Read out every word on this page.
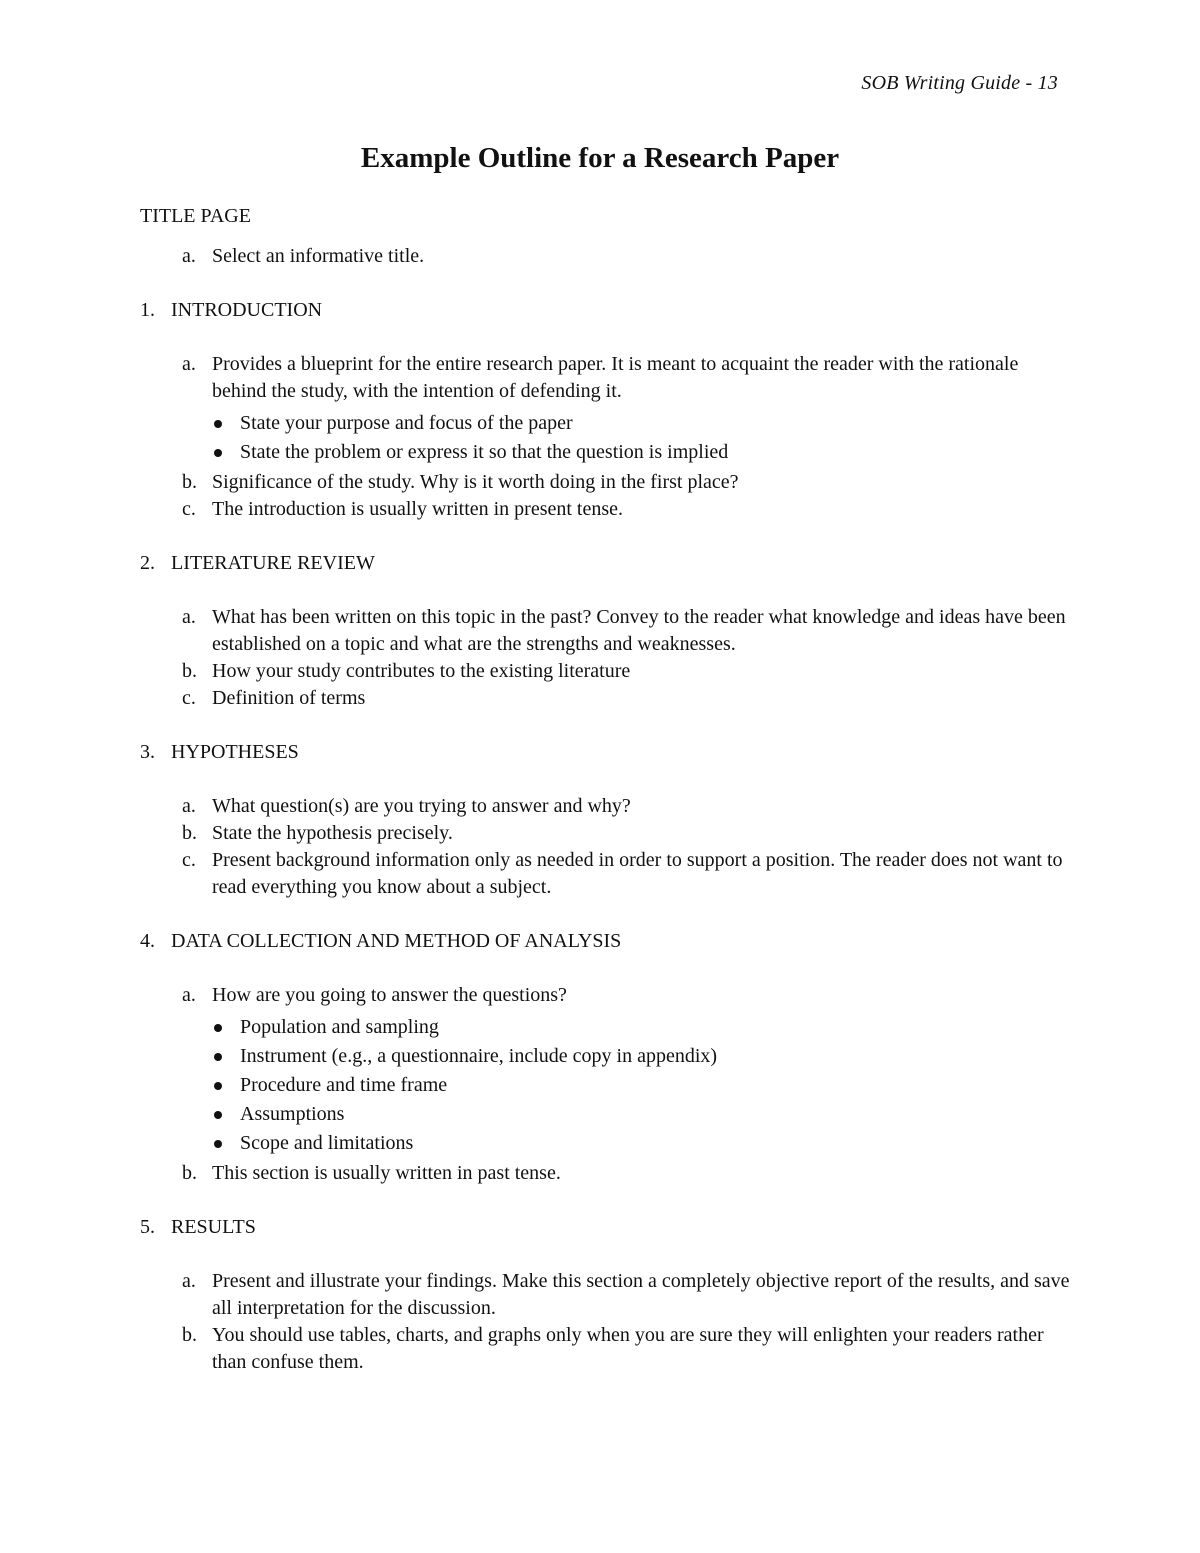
SOB Writing Guide - 13
Example Outline for a Research Paper
TITLE PAGE
a. Select an informative title.
1. INTRODUCTION
a. Provides a blueprint for the entire research paper. It is meant to acquaint the reader with the rationale behind the study, with the intention of defending it.
State your purpose and focus of the paper
State the problem or express it so that the question is implied
b. Significance of the study. Why is it worth doing in the first place?
c. The introduction is usually written in present tense.
2. LITERATURE REVIEW
a. What has been written on this topic in the past? Convey to the reader what knowledge and ideas have been established on a topic and what are the strengths and weaknesses.
b. How your study contributes to the existing literature
c. Definition of terms
3. HYPOTHESES
a. What question(s) are you trying to answer and why?
b. State the hypothesis precisely.
c. Present background information only as needed in order to support a position. The reader does not want to read everything you know about a subject.
4. DATA COLLECTION AND METHOD OF ANALYSIS
a. How are you going to answer the questions?
Population and sampling
Instrument (e.g., a questionnaire, include copy in appendix)
Procedure and time frame
Assumptions
Scope and limitations
b. This section is usually written in past tense.
5. RESULTS
a. Present and illustrate your findings. Make this section a completely objective report of the results, and save all interpretation for the discussion.
b. You should use tables, charts, and graphs only when you are sure they will enlighten your readers rather than confuse them.
